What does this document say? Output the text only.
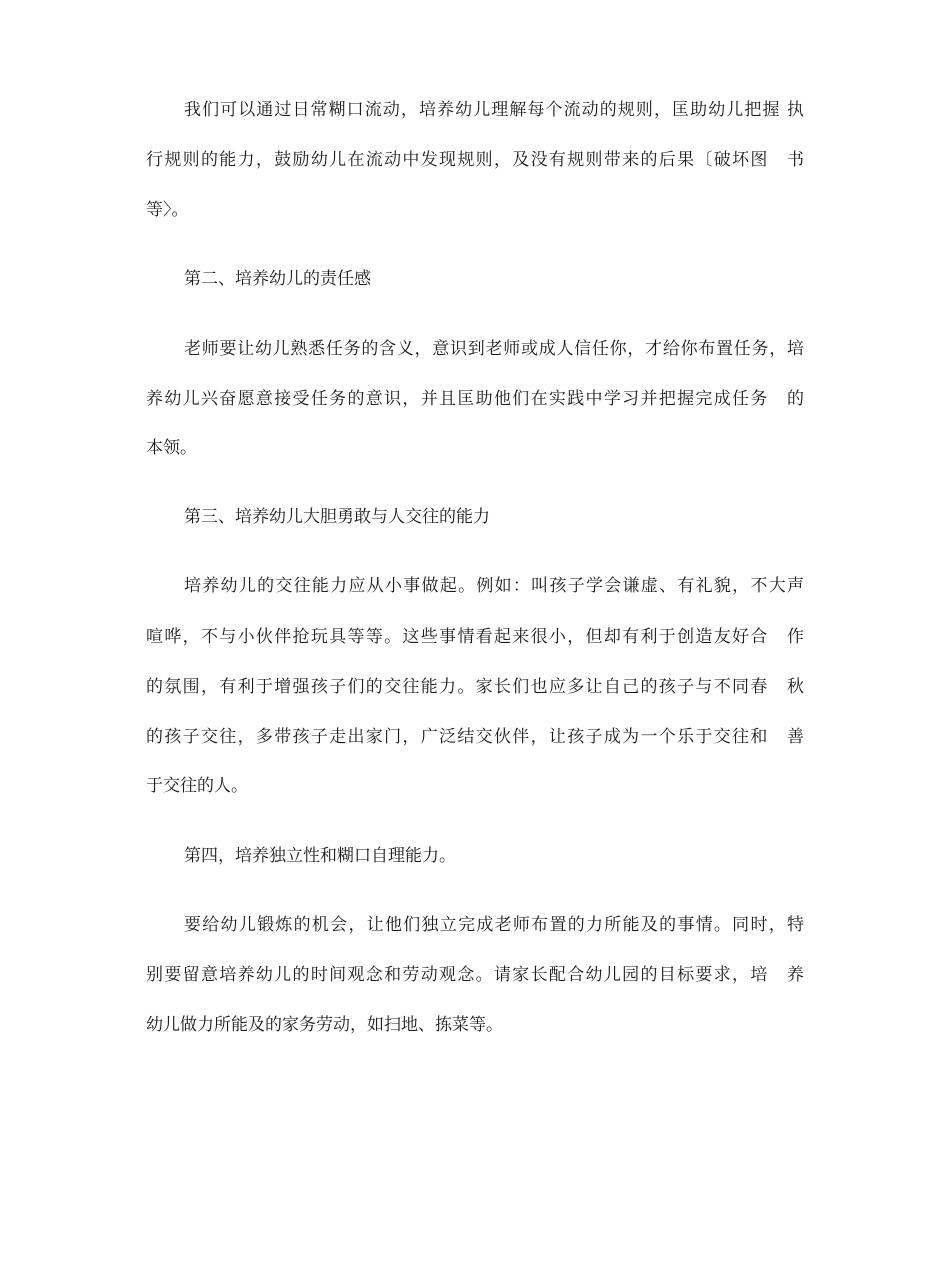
我们可以通过日常糊口流动，培养幼儿理解每个流动的规则，匡助幼儿把握 执
行规则的能力，鼓励幼儿在流动中发现规则，及没有规则带来的后果〔破坏图　书
等〉。
第二、培养幼儿的责任感
老师要让幼儿熟悉任务的含义，意识到老师或成人信任你，才给你布置任务，培
养幼儿兴奋愿意接受任务的意识，并且匡助他们在实践中学习并把握完成任务　的
本领。
第三、培养幼儿大胆勇敢与人交往的能力
培养幼儿的交往能力应从小事做起。例如：叫孩子学会谦虚、有礼貌，不大声
喧哗，不与小伙伴抢玩具等等。这些事情看起来很小，但却有利于创造友好合　作
的氛围，有利于增强孩子们的交往能力。家长们也应多让自己的孩子与不同春　秋
的孩子交往，多带孩子走出家门，广泛结交伙伴，让孩子成为一个乐于交往和　善
于交往的人。
第四，培养独立性和糊口自理能力。
要给幼儿锻炼的机会，让他们独立完成老师布置的力所能及的事情。同时，特
别要留意培养幼儿的时间观念和劳动观念。请家长配合幼儿园的目标要求，培　养
幼儿做力所能及的家务劳动，如扫地、拣菜等。
